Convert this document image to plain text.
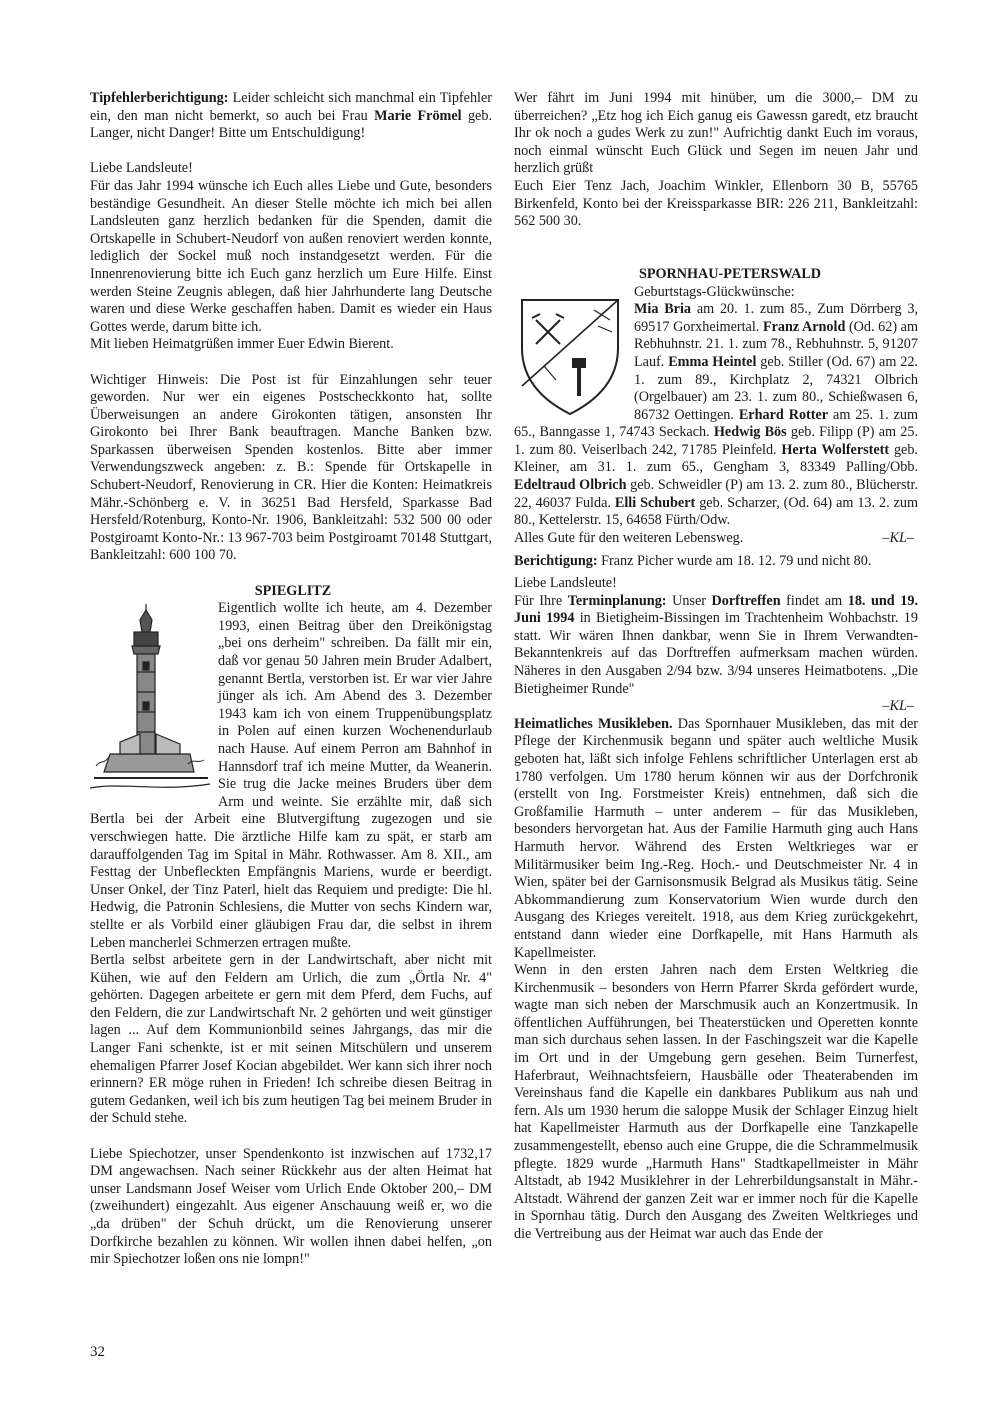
Tipfehlerberichtigung: Leider schleicht sich manchmal ein Tipfehler ein, den man nicht bemerkt, so auch bei Frau Marie Frömel geb. Langer, nicht Danger! Bitte um Entschuldigung!

Liebe Landsleute!

Für das Jahr 1994 wünsche ich Euch alles Liebe und Gute, besonders beständige Gesundheit. An dieser Stelle möchte ich mich bei allen Landsleuten ganz herzlich bedanken für die Spenden, damit die Ortskapelle in Schubert-Neudorf von außen renoviert werden konnte, lediglich der Sockel muß noch instandgesetzt werden. Für die Innenrenovierung bitte ich Euch ganz herzlich um Eure Hilfe. Einst werden Steine Zeugnis ablegen, daß hier Jahrhunderte lang Deutsche waren und diese Werke geschaffen haben. Damit es wieder ein Haus Gottes werde, darum bitte ich.

Mit lieben Heimatgrüßen immer Euer Edwin Bierent.

Wichtiger Hinweis: Die Post ist für Einzahlungen sehr teuer geworden. Nur wer ein eigenes Postscheckkonto hat, sollte Überweisungen an andere Girokonten tätigen, ansonsten Ihr Girokonto bei Ihrer Bank beauftragen. Manche Banken bzw. Sparkassen überweisen Spenden kostenlos. Bitte aber immer Verwendungszweck angeben: z. B.: Spende für Ortskapelle in Schubert-Neudorf, Renovierung in CR. Hier die Konten: Heimatkreis Mähr.-Schönberg e. V. in 36251 Bad Hersfeld, Sparkasse Bad Hersfeld/Rotenburg, Konto-Nr. 1906, Bankleitzahl: 532 500 00 oder Postgiroamt Konto-Nr.: 13 967-703 beim Postgiroamt 70148 Stuttgart, Bankleitzahl: 600 100 70.

SPIEGLITZ

Eigentlich wollte ich heute, am 4. Dezember 1993, einen Beitrag über den Dreikönigstag „bei ons derheim" schreiben. Da fällt mir ein, daß vor genau 50 Jahren mein Bruder Adalbert, genannt Bertla, verstorben ist. Er war vier Jahre jünger als ich. Am Abend des 3. Dezember 1943 kam ich von einem Truppenübungsplatz in Polen auf einen kurzen Wochenendurlaub nach Hause. Auf einem Perron am Bahnhof in Hannsdorf traf ich meine Mutter, da Weanerin. Sie trug die Jacke meines Bruders über dem Arm und weinte. Sie erzählte mir, daß sich Bertla bei der Arbeit eine Blutvergiftung zugezogen und sie verschwiegen hatte. Die ärztliche Hilfe kam zu spät, er starb am darauffolgenden Tag im Spital in Mähr. Rothwasser. Am 8. XII., am Festtag der Unbefleckten Empfängnis Mariens, wurde er beerdigt. Unser Onkel, der Tinz Paterl, hielt das Requiem und predigte: Die hl. Hedwig, die Patronin Schlesiens, die Mutter von sechs Kindern war, stellte er als Vorbild einer gläubigen Frau dar, die selbst in ihrem Leben mancherlei Schmerzen ertragen mußte.

Bertla selbst arbeitete gern in der Landwirtschaft, aber nicht mit Kühen, wie auf den Feldern am Urlich, die zum „Örtla Nr. 4" gehörten. Dagegen arbeitete er gern mit dem Pferd, dem Fuchs, auf den Feldern, die zur Landwirtschaft Nr. 2 gehörten und weit günstiger lagen ... Auf dem Kommunionbild seines Jahrgangs, das mir die Langer Fani schenkte, ist er mit seinen Mitschülern und unserem ehemaligen Pfarrer Josef Kocian abgebildet. Wer kann sich ihrer noch erinnern? ER möge ruhen in Frieden! Ich schreibe diesen Beitrag in gutem Gedanken, weil ich bis zum heutigen Tag bei meinem Bruder in der Schuld stehe.

Liebe Spiechotzer, unser Spendenkonto ist inzwischen auf 1732,17 DM angewachsen. Nach seiner Rückkehr aus der alten Heimat hat unser Landsmann Josef Weiser vom Urlich Ende Oktober 200,– DM (zweihundert) eingezahlt. Aus eigener Anschauung weiß er, wo die „da drüben" der Schuh drückt, um die Renovierung unserer Dorfkirche bezahlen zu können. Wir wollen ihnen dabei helfen, „on mir Spiechotzer loßen ons nie lompn!"

Wer fährt im Juni 1994 mit hinüber, um die 3000,– DM zu überreichen? „Etz hog ich Eich ganug eis Gawessn garedt, etz braucht Ihr ok noch a gudes Werk zu zun!" Aufrichtig dankt Euch im voraus, noch einmal wünscht Euch Glück und Segen im neuen Jahr und herzlich grüßt

Euch Eier Tenz Jach, Joachim Winkler, Ellenborn 30 B, 55765 Birkenfeld, Konto bei der Kreissparkasse BIR: 226 211, Bankleitzahl: 562 500 30.

SPORNHAU-PETERSWALD

Geburtstags-Glückwünsche:

Mia Bria am 20. 1. zum 85., Zum Dörrberg 3, 69517 Gorxheimertal. Franz Arnold (Od. 62) am Rebhuhnstr. 21. 1. zum 78., Rebhuhnstr. 5, 91207 Lauf. Emma Heintel geb. Stiller (Od. 67) am 22. 1. zum 89., Kirchplatz 2, 74321 Olbrich (Orgelbauer) am 23. 1. zum 80., Schießwasen 6, 86732 Oettingen. Erhard Rotter am 25. 1. zum 65., Banngasse 1, 74743 Seckach. Hedwig Bös geb. Filipp (P) am 25. 1. zum 80. Veiserlbach 242, 71785 Pleinfeld. Herta Wolferstett geb. Kleiner, am 31. 1. zum 65., Gengham 3, 83349 Palling/Obb. Edeltraud Olbrich geb. Schweidler (P) am 13. 2. zum 80., Blücherstr. 22, 46037 Fulda. Elli Schubert geb. Scharzer, (Od. 64) am 13. 2. zum 80., Kettelerstr. 15, 64658 Fürth/Odw.

Alles Gute für den weiteren Lebensweg.	–KL–

Berichtigung: Franz Picher wurde am 18. 12. 79 und nicht 80.

Liebe Landsleute!

Für Ihre Terminplanung: Unser Dorftreffen findet am 18. und 19. Juni 1994 in Bietigheim-Bissingen im Trachtenheim Wohbachstr. 19 statt. Wir wären Ihnen dankbar, wenn Sie in Ihrem Verwandten-Bekanntenkreis auf das Dorftreffen aufmerksam machen würden. Näheres in den Ausgaben 2/94 bzw. 3/94 unseres Heimatbotens. „Die Bietigheimer Runde"

–KL–

Heimatliches Musikleben. Das Spornhauer Musikleben, das mit der Pflege der Kirchenmusik begann und später auch weltliche Musik geboten hat, läßt sich infolge Fehlens schriftlicher Unterlagen erst ab 1780 verfolgen. Um 1780 herum können wir aus der Dorfchronik (erstellt von Ing. Forstmeister Kreis) entnehmen, daß sich die Großfamilie Harmuth – unter anderem – für das Musikleben, besonders hervorgetan hat. Aus der Familie Harmuth ging auch Hans Harmuth hervor. Während des Ersten Weltkrieges war er Militärmusiker beim Ing.-Reg. Hoch.- und Deutschmeister Nr. 4 in Wien, später bei der Garnisonsmusik Belgrad als Musikus tätig. Seine Abkommandierung zum Konservatorium Wien wurde durch den Ausgang des Krieges vereitelt. 1918, aus dem Krieg zurückgekehrt, entstand dann wieder eine Dorfkapelle, mit Hans Harmuth als Kapellmeister.

Wenn in den ersten Jahren nach dem Ersten Weltkrieg die Kirchenmusik – besonders von Herrn Pfarrer Skrda gefördert wurde, wagte man sich neben der Marschmusik auch an Konzertmusik. In öffentlichen Aufführungen, bei Theaterstücken und Operetten konnte man sich durchaus sehen lassen. In der Faschingszeit war die Kapelle im Ort und in der Umgebung gern gesehen. Beim Turnerfest, Haferbraut, Weihnachtsfeiern, Hausbälle oder Theaterabenden im Vereinshaus fand die Kapelle ein dankbares Publikum aus nah und fern. Als um 1930 herum die saloppe Musik der Schlager Einzug hielt hat Kapellmeister Harmuth aus der Dorfkapelle eine Tanzkapelle zusammengestellt, ebenso auch eine Gruppe, die die Schrammelmusik pflegte. 1829 wurde „Harmuth Hans" Stadtkapellmeister in Mähr Altstadt, ab 1942 Musiklehrer in der Lehrerbildungsanstalt in Mähr.-Altstadt. Während der ganzen Zeit war er immer noch für die Kapelle in Spornhau tätig. Durch den Ausgang des Zweiten Weltkrieges und die Vertreibung aus der Heimat war auch das Ende der

32
